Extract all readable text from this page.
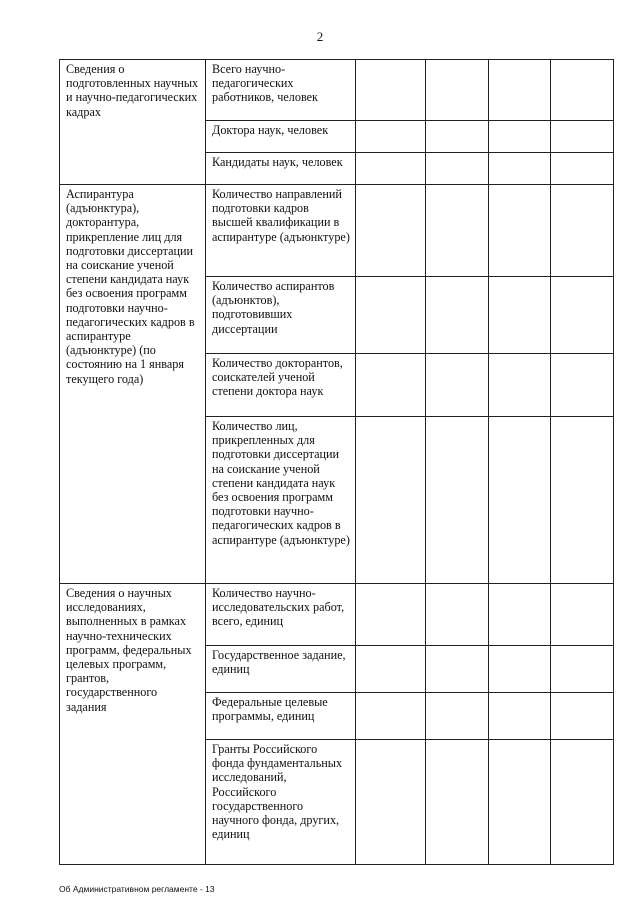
2
Сведения о подготовленных научных и научно-педагогических кадрах	Всего научно-педагогических работников, человек				
	Доктора наук, человек				
	Кандидаты наук, человек				
Аспирантура (адъюнктура), докторантура, прикрепление лиц для подготовки диссертации на соискание ученой степени кандидата наук без освоения программ подготовки научно-педагогических кадров в аспирантуре (адъюнктуре) (по состоянию на 1 января текущего года)	Количество направлений подготовки кадров высшей квалификации в аспирантуре (адъюнктуре)				
	Количество аспирантов (адъюнктов), подготовивших диссертации				
	Количество докторантов, соискателей ученой степени доктора наук				
	Количество лиц, прикрепленных для подготовки диссертации на соискание ученой степени кандидата наук без освоения программ подготовки научно-педагогических кадров в аспирантуре (адъюнктуре)				
Сведения о научных исследованиях, выполненных в рамках научно-технических программ, федеральных целевых программ, грантов, государственного задания	Количество научно-исследовательских работ, всего, единиц				
	Государственное задание, единиц				
	Федеральные целевые программы, единиц				
	Гранты Российского фонда фундаментальных исследований, Российского государственного научного фонда, других, единиц				
Об Административном регламенте - 13
